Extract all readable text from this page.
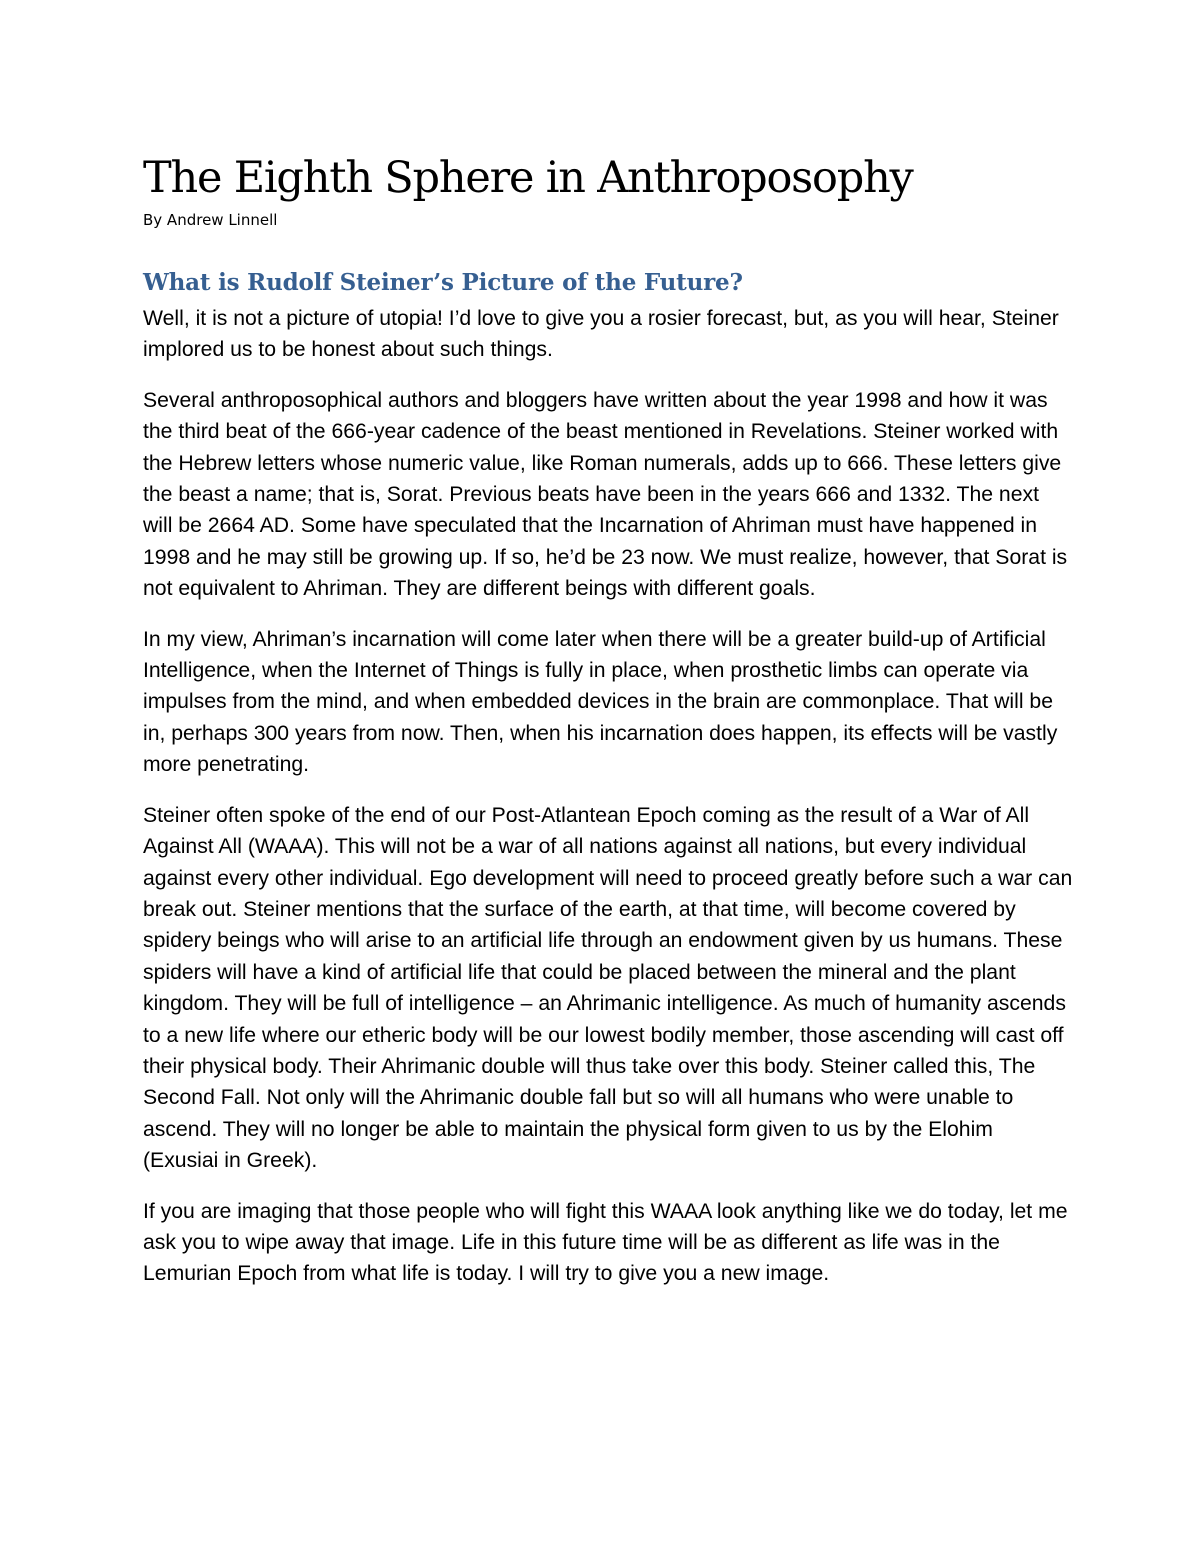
The Eighth Sphere in Anthroposophy
By Andrew Linnell
What is Rudolf Steiner’s Picture of the Future?

Well, it is not a picture of utopia! I’d love to give you a rosier forecast, but, as you will hear, Steiner implored us to be honest about such things.

Several anthroposophical authors and bloggers have written about the year 1998 and how it was the third beat of the 666-year cadence of the beast mentioned in Revelations. Steiner worked with the Hebrew letters whose numeric value, like Roman numerals, adds up to 666. These letters give the beast a name; that is, Sorat. Previous beats have been in the years 666 and 1332. The next will be 2664 AD. Some have speculated that the Incarnation of Ahriman must have happened in 1998 and he may still be growing up. If so, he’d be 23 now. We must realize, however, that Sorat is not equivalent to Ahriman. They are different beings with different goals.

In my view, Ahriman’s incarnation will come later when there will be a greater build-up of Artificial Intelligence, when the Internet of Things is fully in place, when prosthetic limbs can operate via impulses from the mind, and when embedded devices in the brain are commonplace. That will be in, perhaps 300 years from now. Then, when his incarnation does happen, its effects will be vastly more penetrating.

Steiner often spoke of the end of our Post-Atlantean Epoch coming as the result of a War of All Against All (WAAA). This will not be a war of all nations against all nations, but every individual against every other individual. Ego development will need to proceed greatly before such a war can break out. Steiner mentions that the surface of the earth, at that time, will become covered by spidery beings who will arise to an artificial life through an endowment given by us humans. These spiders will have a kind of artificial life that could be placed between the mineral and the plant kingdom. They will be full of intelligence – an Ahrimanic intelligence. As much of humanity ascends to a new life where our etheric body will be our lowest bodily member, those ascending will cast off their physical body. Their Ahrimanic double will thus take over this body. Steiner called this, The Second Fall. Not only will the Ahrimanic double fall but so will all humans who were unable to ascend. They will no longer be able to maintain the physical form given to us by the Elohim (Exusiai in Greek).

If you are imaging that those people who will fight this WAAA look anything like we do today, let me ask you to wipe away that image. Life in this future time will be as different as life was in the Lemurian Epoch from what life is today. I will try to give you a new image.
